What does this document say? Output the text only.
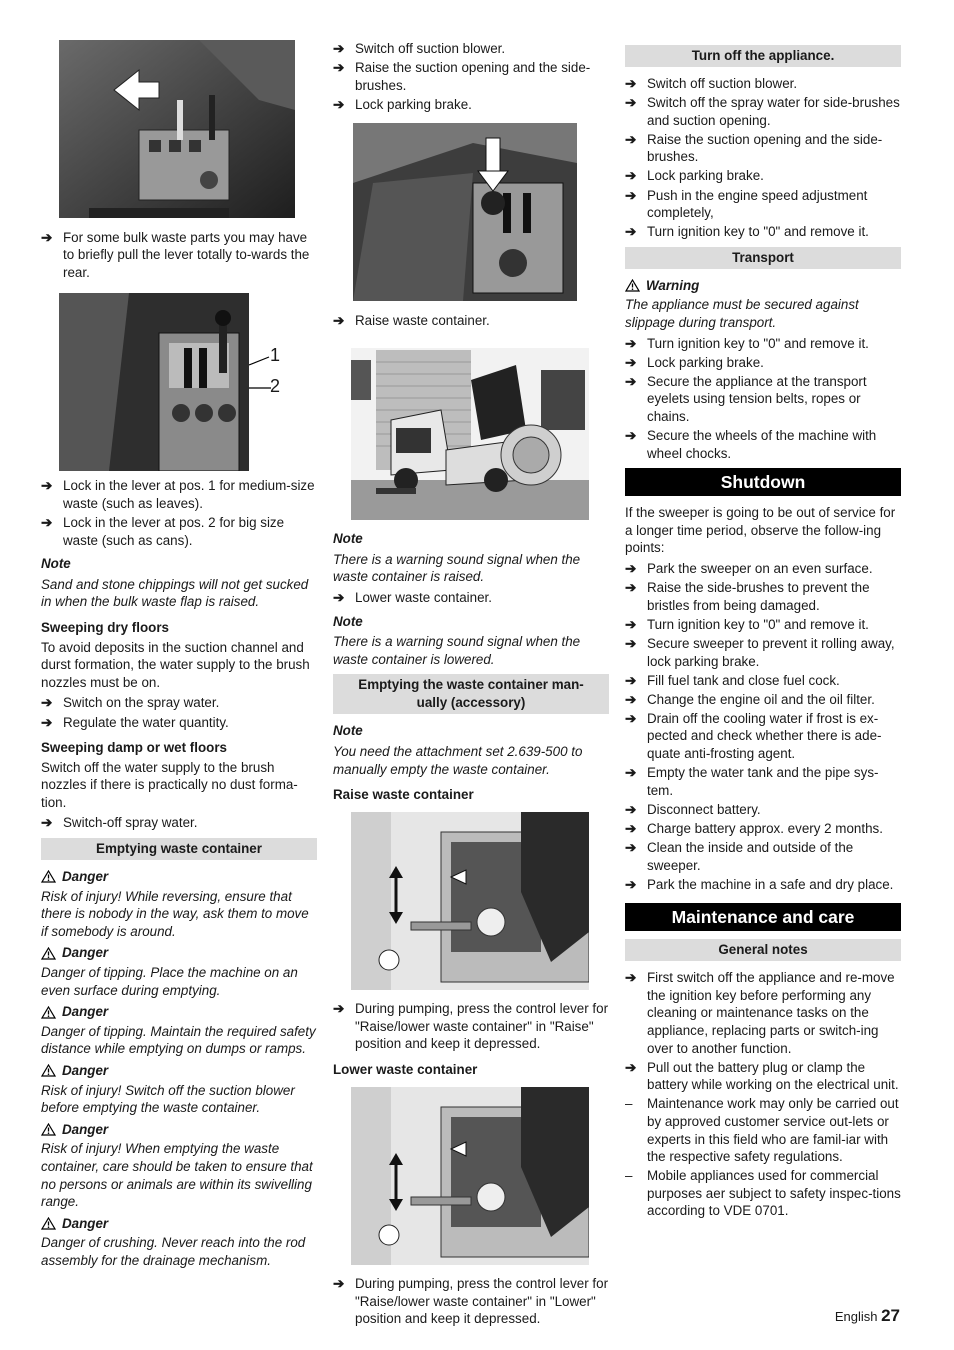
➔ For some bulk waste parts you may have to briefly pull the lever totally to-wards the rear.
1
2
➔ Lock in the lever at pos. 1 for medium-size waste (such as leaves).
➔ Lock in the lever at pos. 2 for big size waste (such as cans).
Note
Sand and stone chippings will not get sucked in when the bulk waste flap is raised.
Sweeping dry floors
To avoid deposits in the suction channel and durst formation, the water supply to the brush nozzles must be on.
➔ Switch on the spray water.
➔ Regulate the water quantity.
Sweeping damp or wet floors
Switch off the water supply to the brush nozzles if there is practically no dust forma-tion.
➔ Switch-off spray water.
Emptying waste container
Danger
Risk of injury! While reversing, ensure that there is nobody in the way, ask them to move if somebody is around.
Danger
Danger of tipping. Place the machine on an even surface during emptying.
Danger
Danger of tipping. Maintain the required safety distance while emptying on dumps or ramps.
Danger
Risk of injury! Switch off the suction blower before emptying the waste container.
Danger
Risk of injury! When emptying the waste container, care should be taken to ensure that no persons or animals are within its swivelling range.
Danger
Danger of crushing. Never reach into the rod assembly for the drainage mechanism.
➔ Switch off suction blower.
➔ Raise the suction opening and the side-brushes.
➔ Lock parking brake.
➔ Raise waste container.
Note
There is a warning sound signal when the waste container is raised.
➔ Lower waste container.
Note
There is a warning sound signal when the waste container is lowered.
Emptying the waste container man-ually (accessory)
Note
You need the attachment set 2.639-500 to manually empty the waste container.
Raise waste container
➔ During pumping, press the control lever for "Raise/lower waste container" in "Raise" position and keep it depressed.
Lower waste container
➔ During pumping, press the control lever for "Raise/lower waste container" in "Lower" position and keep it depressed.
Turn off the appliance.
➔ Switch off suction blower.
➔ Switch off the spray water for side-brushes and suction opening.
➔ Raise the suction opening and the side-brushes.
➔ Lock parking brake.
➔ Push in the engine speed adjustment completely,
➔ Turn ignition key to "0" and remove it.
Transport
Warning
The appliance must be secured against slippage during transport.
➔ Turn ignition key to "0" and remove it.
➔ Lock parking brake.
➔ Secure the appliance at the transport eyelets using tension belts, ropes or chains.
➔ Secure the wheels of the machine with wheel chocks.
Shutdown
If the sweeper is going to be out of service for a longer time period, observe the follow-ing points:
➔ Park the sweeper on an even surface.
➔ Raise the side-brushes to prevent the bristles from being damaged.
➔ Turn ignition key to "0" and remove it.
➔ Secure sweeper to prevent it rolling away, lock parking brake.
➔ Fill fuel tank and close fuel cock.
➔ Change the engine oil and the oil filter.
➔ Drain off the cooling water if frost is ex-pected and check whether there is ade-quate anti-frosting agent.
➔ Empty the water tank and the pipe sys-tem.
➔ Disconnect battery.
➔ Charge battery approx. every 2 months.
➔ Clean the inside and outside of the sweeper.
➔ Park the machine in a safe and dry place.
Maintenance and care
General notes
➔ First switch off the appliance and re-move the ignition key before performing any cleaning or maintenance tasks on the appliance, replacing parts or switch-ing over to another function.
➔ Pull out the battery plug or clamp the battery while working on the electrical unit.
– Maintenance work may only be carried out by approved customer service out-lets or experts in this field who are famil-iar with the respective safety regulations.
– Mobile appliances used for commercial purposes aer subject to safety inspec-tions according to VDE 0701.
English 27
